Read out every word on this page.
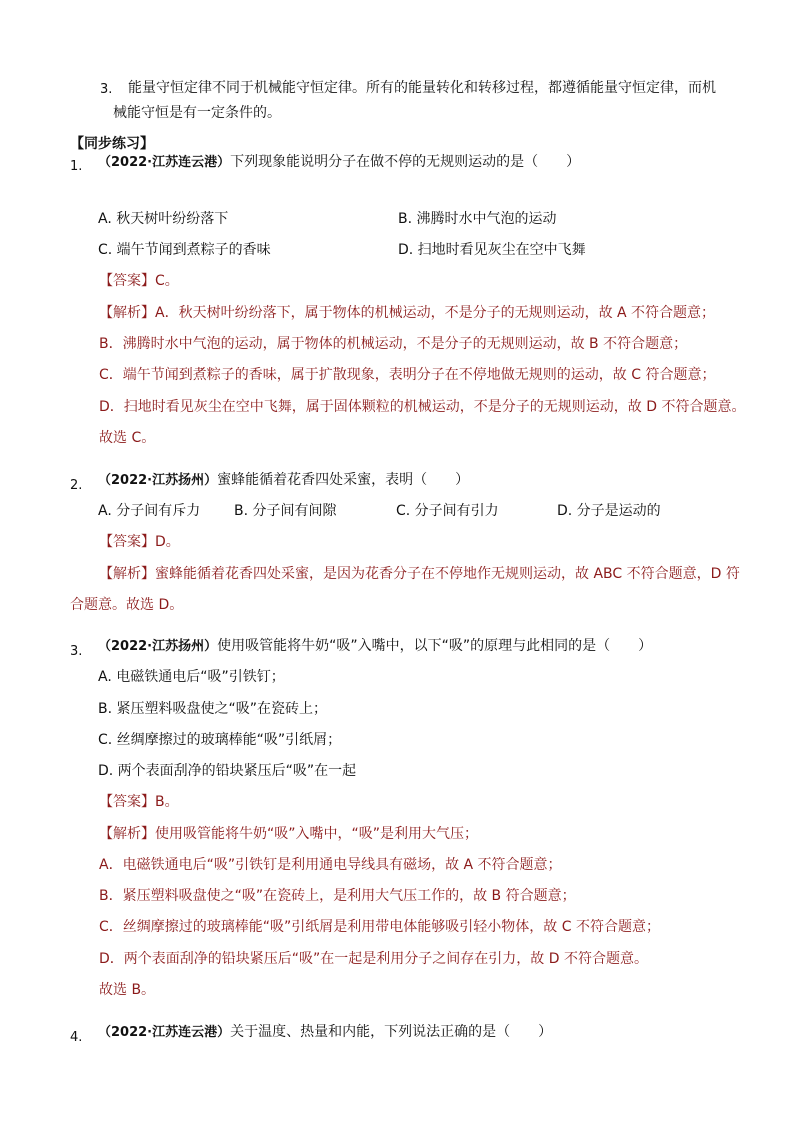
3. 能量守恒定律不同于机械能守恒定律。所有的能量转化和转移过程，都遵循能量守恒定律，而机
械能守恒是有一定条件的。
【同步练习】
1. （2022·江苏连云港）下列现象能说明分子在做不停的无规则运动的是（　　）
A. 秋天树叶纷纷落下	B. 沸腾时水中气泡的运动
C. 端午节闻到煮粽子的香味	D. 扫地时看见灰尘在空中飞舞
【答案】C。
【解析】A．秋天树叶纷纷落下，属于物体的机械运动，不是分子的无规则运动，故 A 不符合题意；
B．沸腾时水中气泡的运动，属于物体的机械运动，不是分子的无规则运动，故 B 不符合题意；
C．端午节闻到煮粽子的香味，属于扩散现象，表明分子在不停地做无规则的运动，故 C 符合题意；
D．扫地时看见灰尘在空中飞舞，属于固体颗粒的机械运动，不是分子的无规则运动，故 D 不符合题意。
故选 C。
2. （2022·江苏扬州）蜜蜂能循着花香四处采蜜，表明（　　）
A. 分子间有斥力 B. 分子间有间隙	C. 分子间有引力	D. 分子是运动的
【答案】D。
【解析】蜜蜂能循着花香四处采蜜，是因为花香分子在不停地作无规则运动，故 ABC 不符合题意，D 符
合题意。故选 D。
3. （2022·江苏扬州）使用吸管能将牛奶“吸”入嘴中，以下“吸”的原理与此相同的是（　　）
A. 电磁铁通电后“吸”引铁钉；
B. 紧压塑料吸盘使之“吸”在瓷砖上；
C. 丝绸摩擦过的玻璃棒能“吸”引纸屑；
D. 两个表面刮净的铅块紧压后“吸”在一起
【答案】B。
【解析】使用吸管能将牛奶“吸”入嘴中，“吸”是利用大气压；
A．电磁铁通电后“吸”引铁钉是利用通电导线具有磁场，故 A 不符合题意；
B．紧压塑料吸盘使之“吸”在瓷砖上，是利用大气压工作的，故 B 符合题意；
C．丝绸摩擦过的玻璃棒能“吸”引纸屑是利用带电体能够吸引轻小物体，故 C 不符合题意；
D．两个表面刮净的铅块紧压后“吸”在一起是利用分子之间存在引力，故 D 不符合题意。
故选 B。
4. （2022·江苏连云港）关于温度、热量和内能，下列说法正确的是（　　）
